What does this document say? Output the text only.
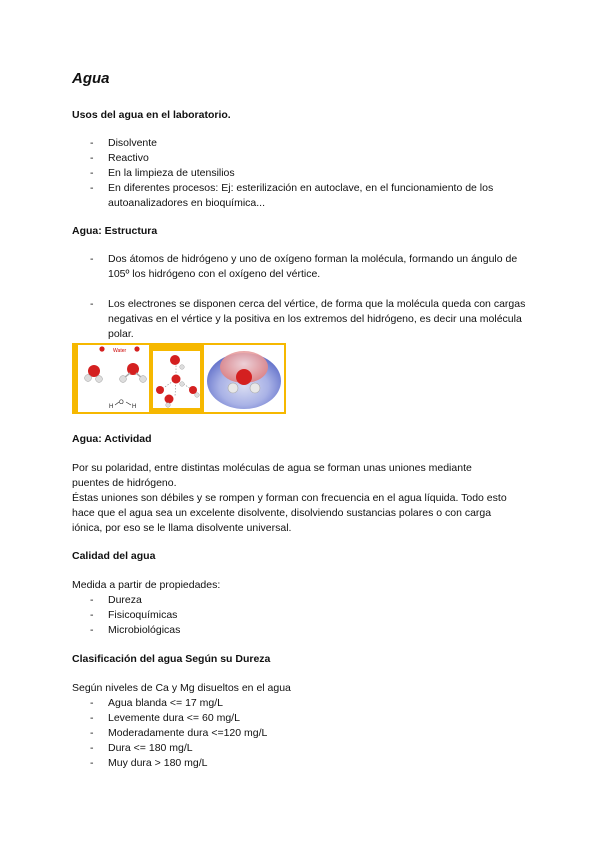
Agua
Usos del agua en el laboratorio.
- Disolvente
- Reactivo
- En la limpieza de utensilios
- En diferentes procesos: Ej: esterilización en autoclave, en el funcionamiento de los autoanalizadores en bioquímica...
Agua: Estructura
- Dos átomos de hidrógeno y uno de oxígeno forman la molécula, formando un ángulo de 105º los hidrógeno con el oxígeno del vértice.
- Los electrones se disponen cerca del vértice, de forma que la molécula queda con cargas negativas en el vértice y la positiva en los extremos del hidrógeno, es decir una molécula polar.
Water
O
H	H
Agua: Actividad

Por su polaridad, entre distintas moléculas de agua se forman unas uniones mediante puentes de hidrógeno.

Éstas uniones son débiles y se rompen y forman con frecuencia en el agua líquida. Todo esto hace que el agua sea un excelente disolvente, disolviendo sustancias polares o con carga iónica, por eso se le llama disolvente universal.

Calidad del agua

Medida a partir de propiedades:

- Dureza
- Fisicoquímicas
- Microbiológicas
Clasificación del agua Según su Dureza

Según niveles de Ca y Mg disueltos en el agua

- Agua blanda <= 17 mg/L
- Levemente dura <= 60 mg/L
- Moderadamente dura <=120 mg/L
- Dura <= 180 mg/L
- Muy dura > 180 mg/L
